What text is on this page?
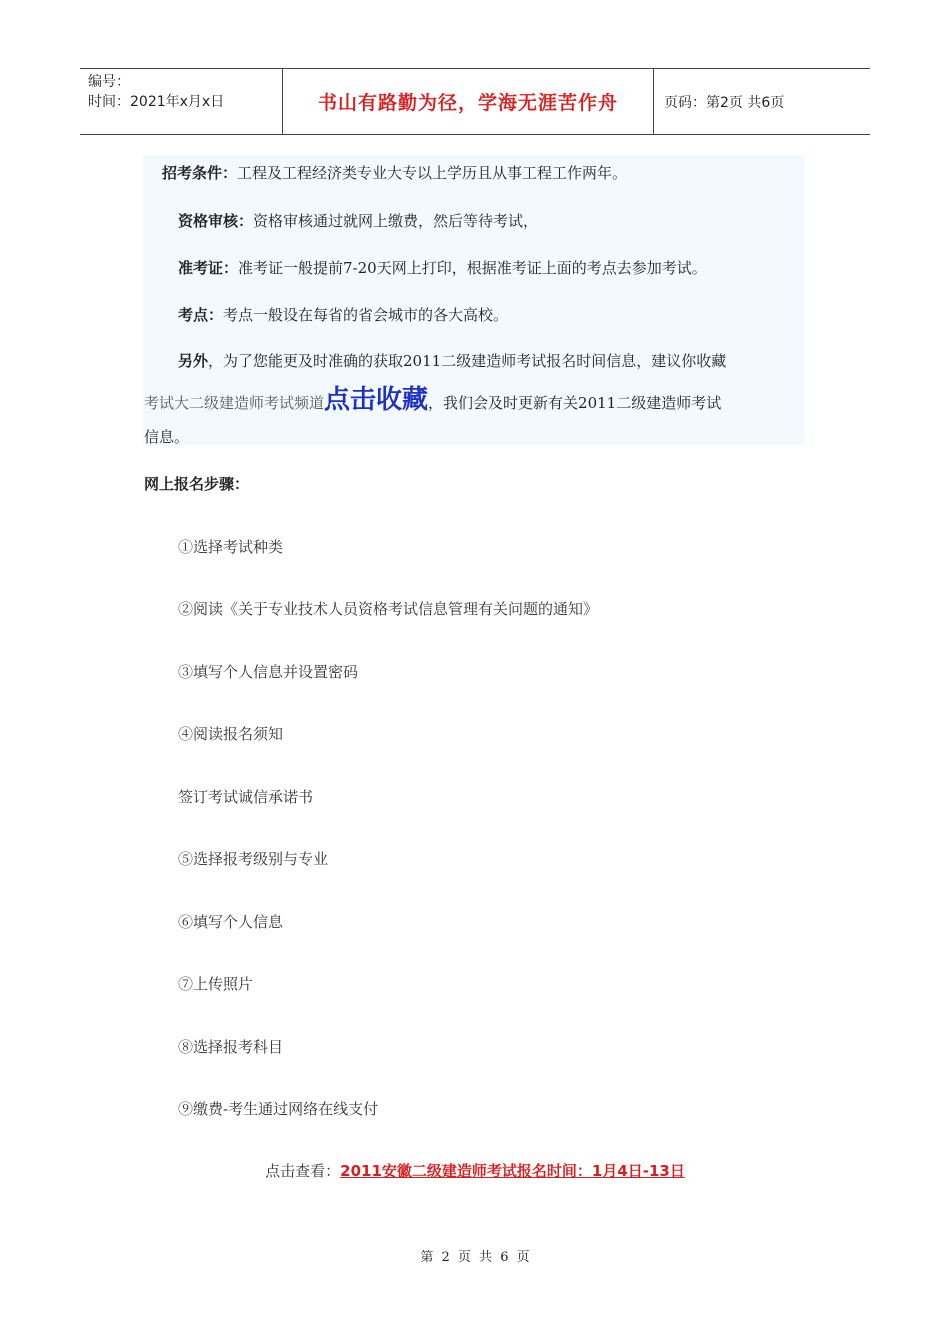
编号：
时间：2021年x月x日	书山有路勤为径，学海无涯苦作舟	页码：第2页 共6页
招考条件：工程及工程经济类专业大专以上学历且从事工程工作两年。
资格审核：资格审核通过就网上缴费，然后等待考试，
准考证：准考证一般提前7-20天网上打印，根据准考证上面的考点去参加考试。
考点：考点一般设在每省的省会城市的各大高校。
另外，为了您能更及时准确的获取2011二级建造师考试报名时间信息，建议你收藏
考试大二级建造师考试频道点击收藏，我们会及时更新有关2011二级建造师考试
信息。
网上报名步骤：
①选择考试种类
②阅读《关于专业技术人员资格考试信息管理有关问题的通知》
③填写个人信息并设置密码
④阅读报名须知
签订考试诚信承诺书
⑤选择报考级别与专业
⑥填写个人信息
⑦上传照片
⑧选择报考科目
⑨缴费-考生通过网络在线支付
点击查看：2011安徽二级建造师考试报名时间：1月4日-13日
第 2 页 共 6 页
